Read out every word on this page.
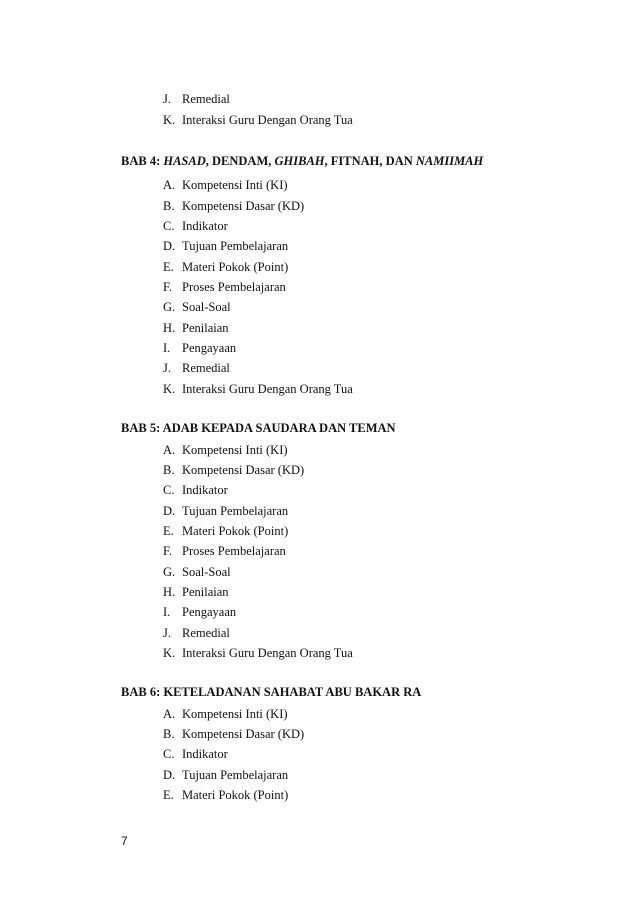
J. Remedial
K. Interaksi Guru Dengan Orang Tua
BAB 4: HASAD, DENDAM, GHIBAH, FITNAH, DAN NAMIIMAH
A. Kompetensi Inti (KI)
B. Kompetensi Dasar (KD)
C. Indikator
D. Tujuan Pembelajaran
E. Materi Pokok (Point)
F. Proses Pembelajaran
G. Soal-Soal
H. Penilaian
I. Pengayaan
J. Remedial
K. Interaksi Guru Dengan Orang Tua
BAB 5: ADAB KEPADA SAUDARA DAN TEMAN
A. Kompetensi Inti (KI)
B. Kompetensi Dasar (KD)
C. Indikator
D. Tujuan Pembelajaran
E. Materi Pokok (Point)
F. Proses Pembelajaran
G. Soal-Soal
H. Penilaian
I. Pengayaan
J. Remedial
K. Interaksi Guru Dengan Orang Tua
BAB 6: KETELADANAN SAHABAT ABU BAKAR RA
A. Kompetensi Inti (KI)
B. Kompetensi Dasar (KD)
C. Indikator
D. Tujuan Pembelajaran
E. Materi Pokok (Point)
7
